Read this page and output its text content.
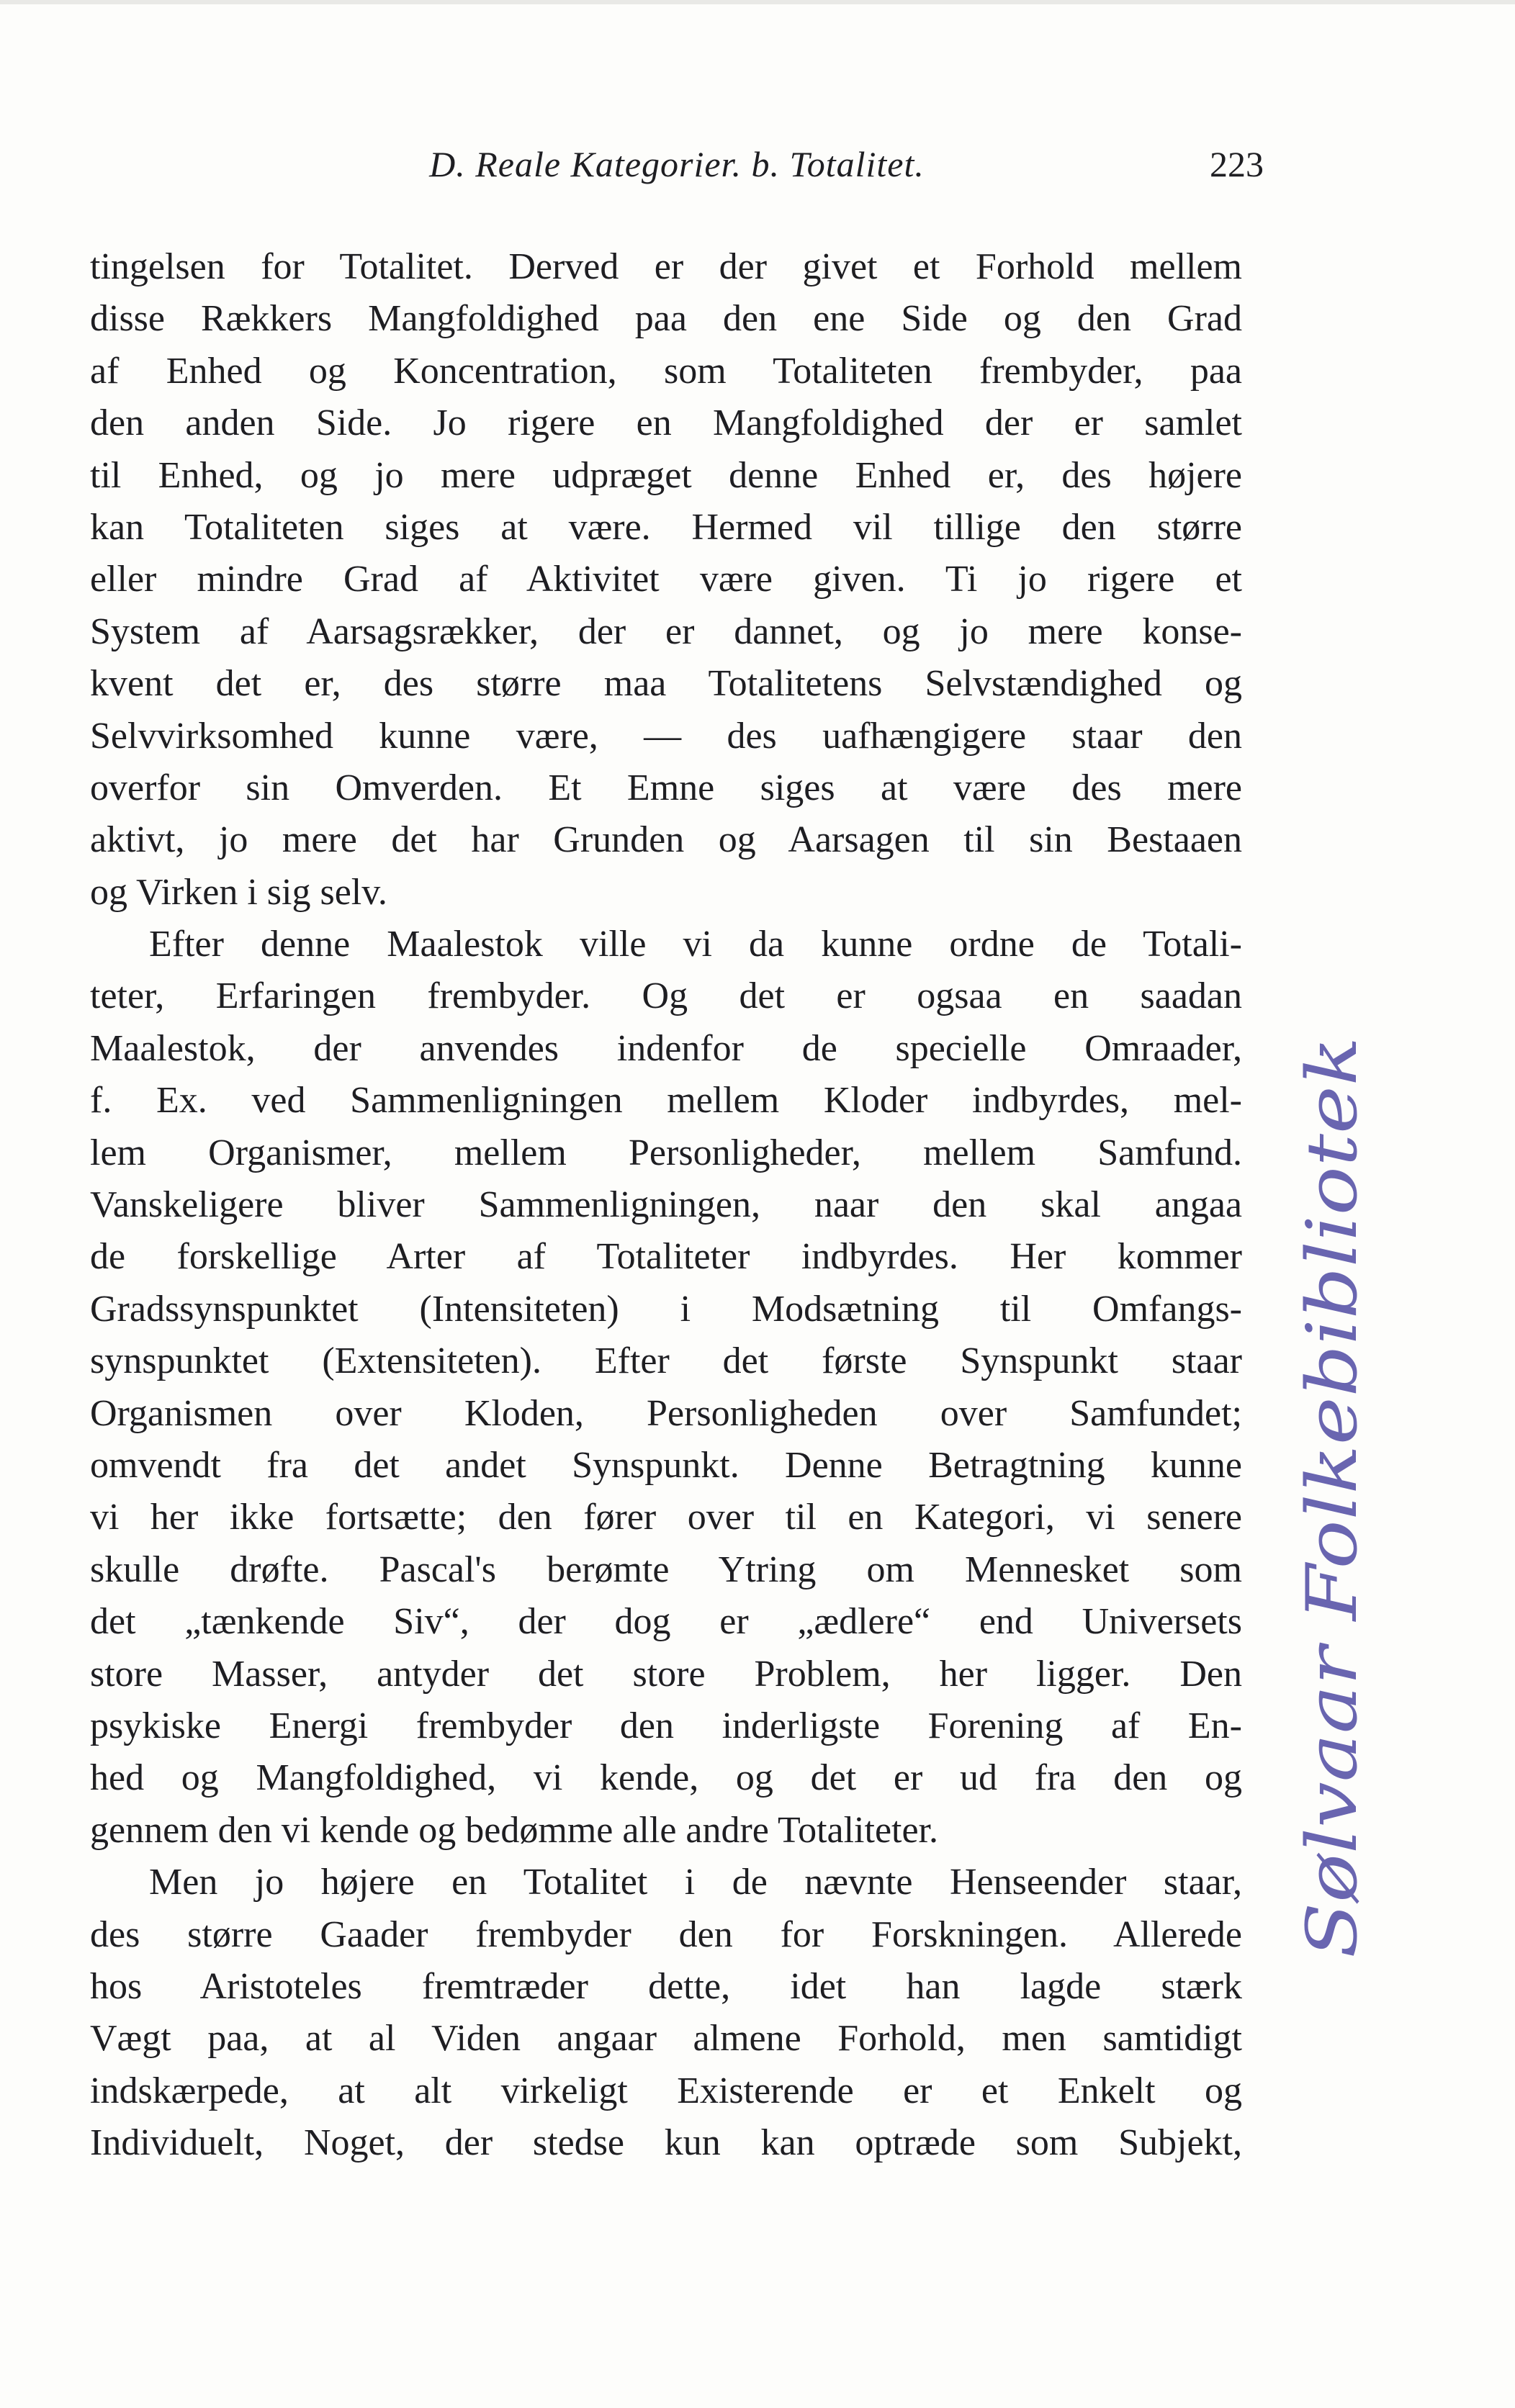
D. Reale Kategorier. b. Totalitet.	223
tingelsen for Totalitet. Derved er der givet et Forhold mellem
disse Rækkers Mangfoldighed paa den ene Side og den Grad
af Enhed og Koncentration, som Totaliteten frembyder, paa
den anden Side. Jo rigere en Mangfoldighed der er samlet
til Enhed, og jo mere udpræget denne Enhed er, des højere
kan Totaliteten siges at være. Hermed vil tillige den større
eller mindre Grad af Aktivitet være given. Ti jo rigere et
System af Aarsagsrækker, der er dannet, og jo mere konse-
kvent det er, des større maa Totalitetens Selvstændighed og
Selvvirksomhed kunne være, — des uafhængigere staar den
overfor sin Omverden. Et Emne siges at være des mere
aktivt, jo mere det har Grunden og Aarsagen til sin Bestaaen
og Virken i sig selv.
Efter denne Maalestok ville vi da kunne ordne de Totali-
teter, Erfaringen frembyder. Og det er ogsaa en saadan
Maalestok, der anvendes indenfor de specielle Omraader,
f. Ex. ved Sammenligningen mellem Kloder indbyrdes, mel-
lem Organismer, mellem Personligheder, mellem Samfund.
Vanskeligere bliver Sammenligningen, naar den skal angaa
de forskellige Arter af Totaliteter indbyrdes. Her kommer
Gradssynspunktet (Intensiteten) i Modsætning til Omfangs-
synspunktet (Extensiteten). Efter det første Synspunkt staar
Organismen over Kloden, Personligheden over Samfundet;
omvendt fra det andet Synspunkt. Denne Betragtning kunne
vi her ikke fortsætte; den fører over til en Kategori, vi senere
skulle drøfte. Pascal's berømte Ytring om Mennesket som
det „tænkende Siv“, der dog er „ædlere“ end Universets
store Masser, antyder det store Problem, her ligger. Den
psykiske Energi frembyder den inderligste Forening af En-
hed og Mangfoldighed, vi kende, og det er ud fra den og
gennem den vi kende og bedømme alle andre Totaliteter.
Men jo højere en Totalitet i de nævnte Henseender staar,
des større Gaader frembyder den for Forskningen. Allerede
hos Aristoteles fremtræder dette, idet han lagde stærk
Vægt paa, at al Viden angaar almene Forhold, men samtidigt
indskærpede, at alt virkeligt Existerende er et Enkelt og
Individuelt, Noget, der stedse kun kan optræde som Subjekt,
Sølvaar Folkebibliotek
